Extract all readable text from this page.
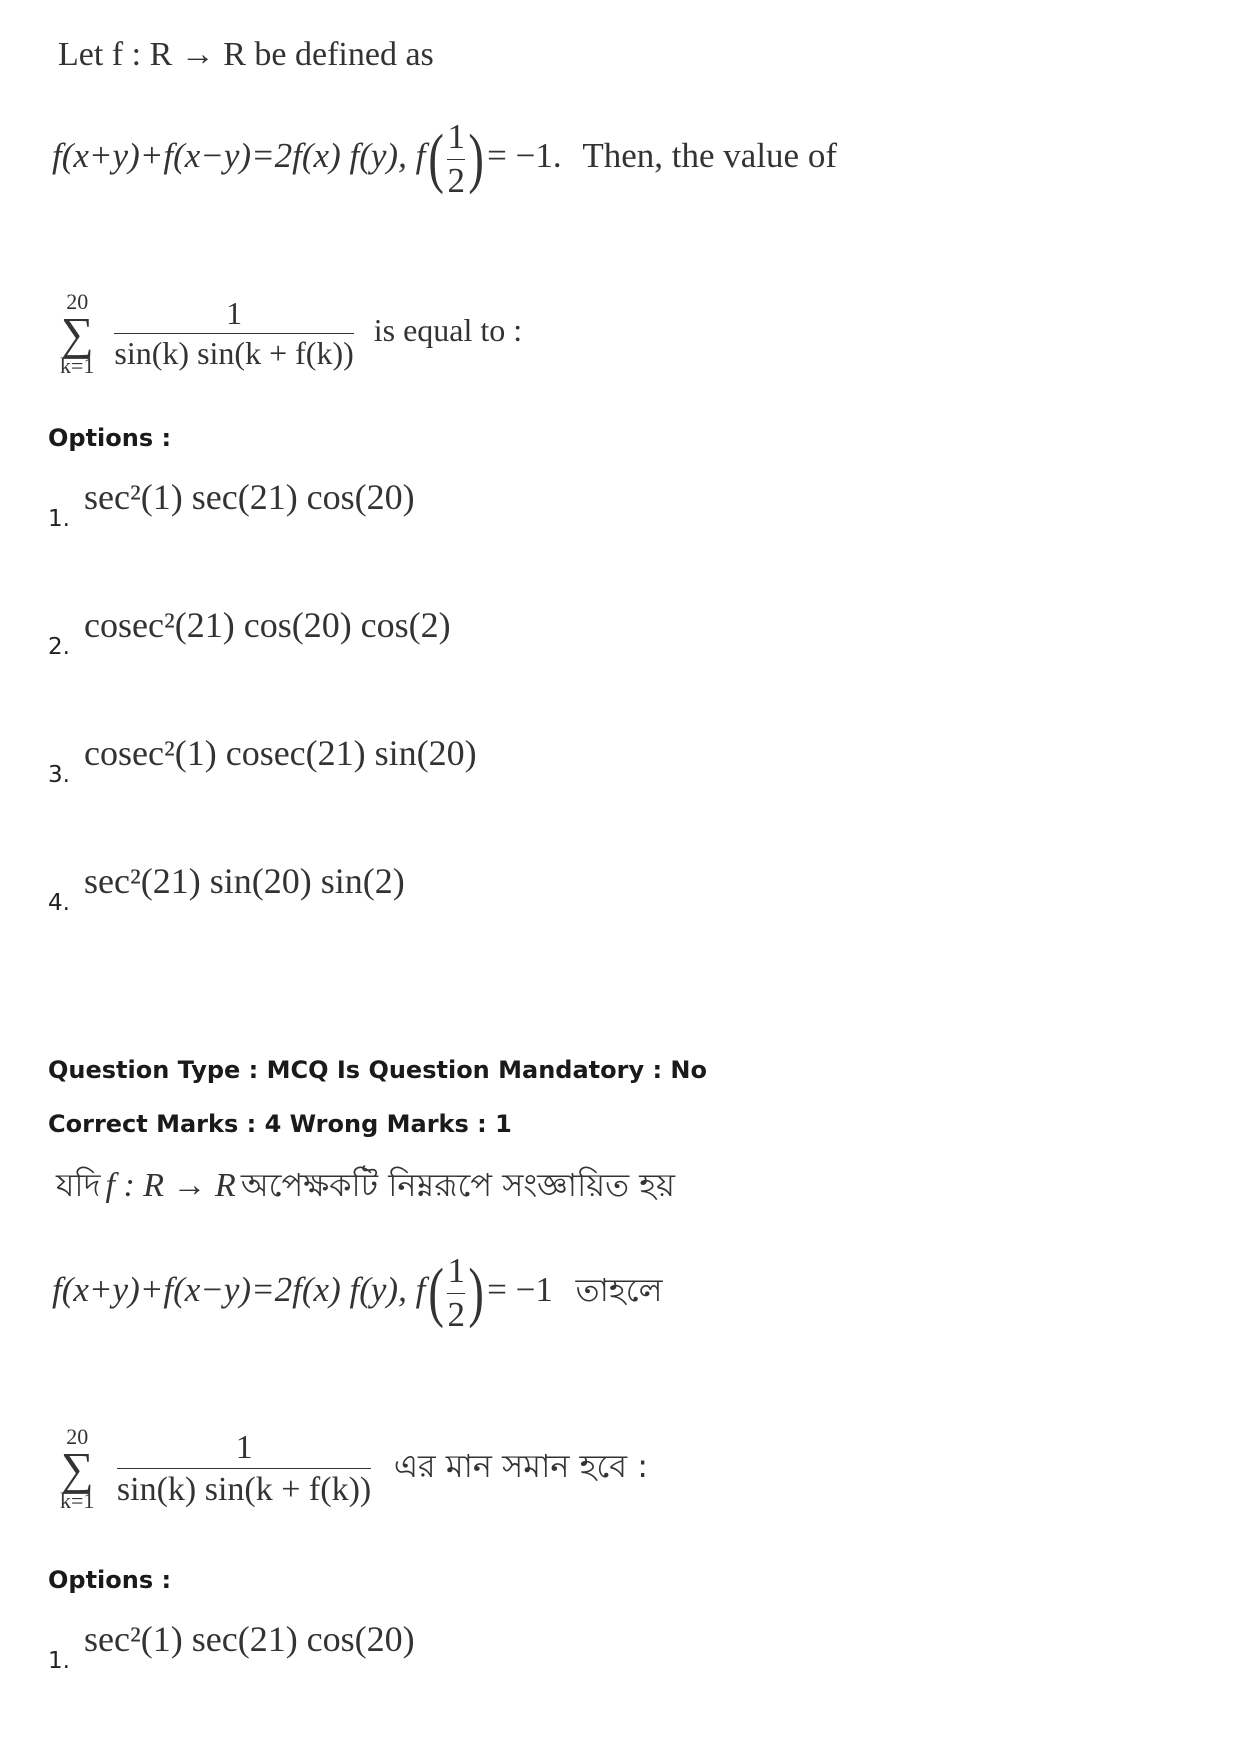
Let f : R → R be defined as
f(x+y)+f(x−y)=2f(x) f(y), $f( \frac{1}{2}$ )= −1. Then, the value of
20
∑
k=1
$\frac{1}{\sin(k) \sin(k + f(k))}$ is equal to :
Options :
1.
sec²(1) sec(21) cos(20)
2.
cosec²(21) cos(20) cos(2)
3.
cosec²(1) cosec(21) sin(20)
4.
sec²(21) sin(20) sin(2)
Question Type : MCQ Is Question Mandatory : No
Correct Marks : 4 Wrong Marks : 1
যদি f : R → R অপেক্ষকটি নিম্নরূপে সংজ্ঞায়িত হয়
f(x+y)+f(x−y)=2f(x) f(y), $f( \frac{1}{2}$ )= −1 তাহলে
20
∑
k=1
$\frac{1}{\sin(k) \sin(k + f(k))}$ এর মান সমান হবে :
Options :
1.
sec²(1) sec(21) cos(20)
